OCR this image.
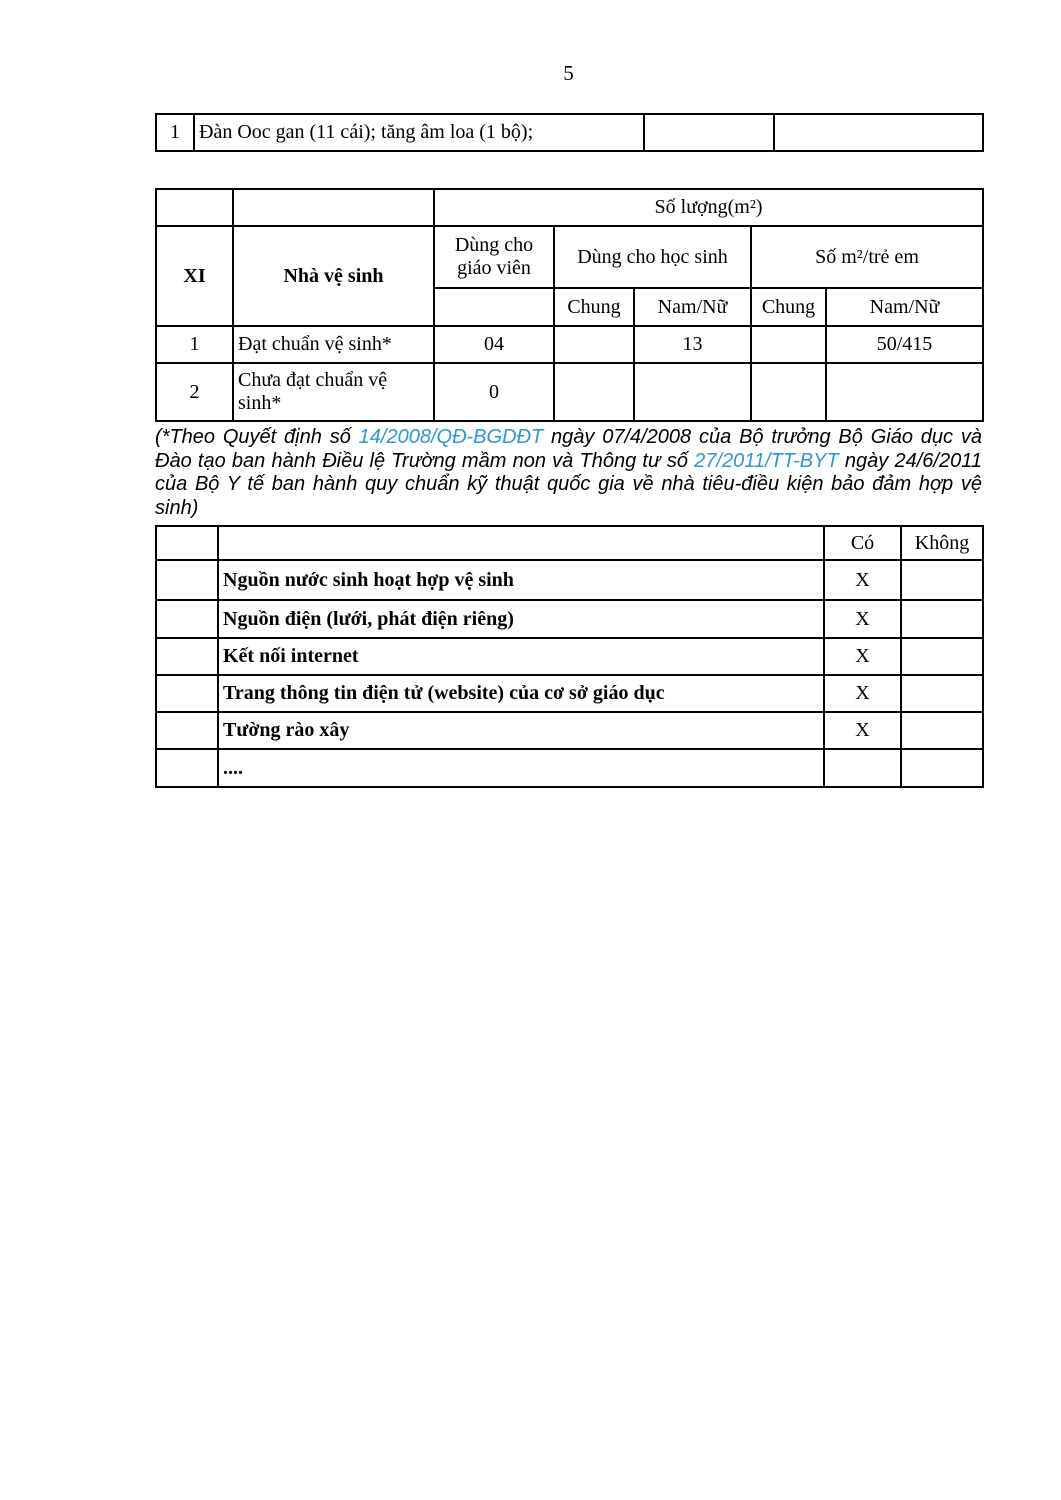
5
1	Đàn Ooc gan (11 cái); tăng âm loa (1 bộ);		
		Số lượng(m²)				
XI	Nhà vệ sinh	Dùng cho giáo viên	Dùng cho học sinh		Số m²/trẻ em	
			Chung	Nam/Nữ	Chung	Nam/Nữ
1	Đạt chuẩn vệ sinh*	04		13		50/415
2	Chưa đạt chuẩn vệ sinh*	0				

(*Theo Quyết định số 14/2008/QĐ-BGDĐT ngày 07/4/2008 của Bộ trưởng Bộ Giáo dục và Đào tạo ban hành Điều lệ Trường mầm non và Thông tư số 27/2011/TT-BYT ngày 24/6/2011 của Bộ Y tế ban hành quy chuẩn kỹ thuật quốc gia về nhà tiêu-điều kiện bảo đảm hợp vệ sinh)

		Có	Không
	Nguồn nước sinh hoạt hợp vệ sinh	X	
	Nguồn điện (lưới, phát điện riêng)	X	
	Kết nối internet	X	
	Trang thông tin điện tử (website) của cơ sở giáo dục	X	
	Tường rào xây	X	
	....		
